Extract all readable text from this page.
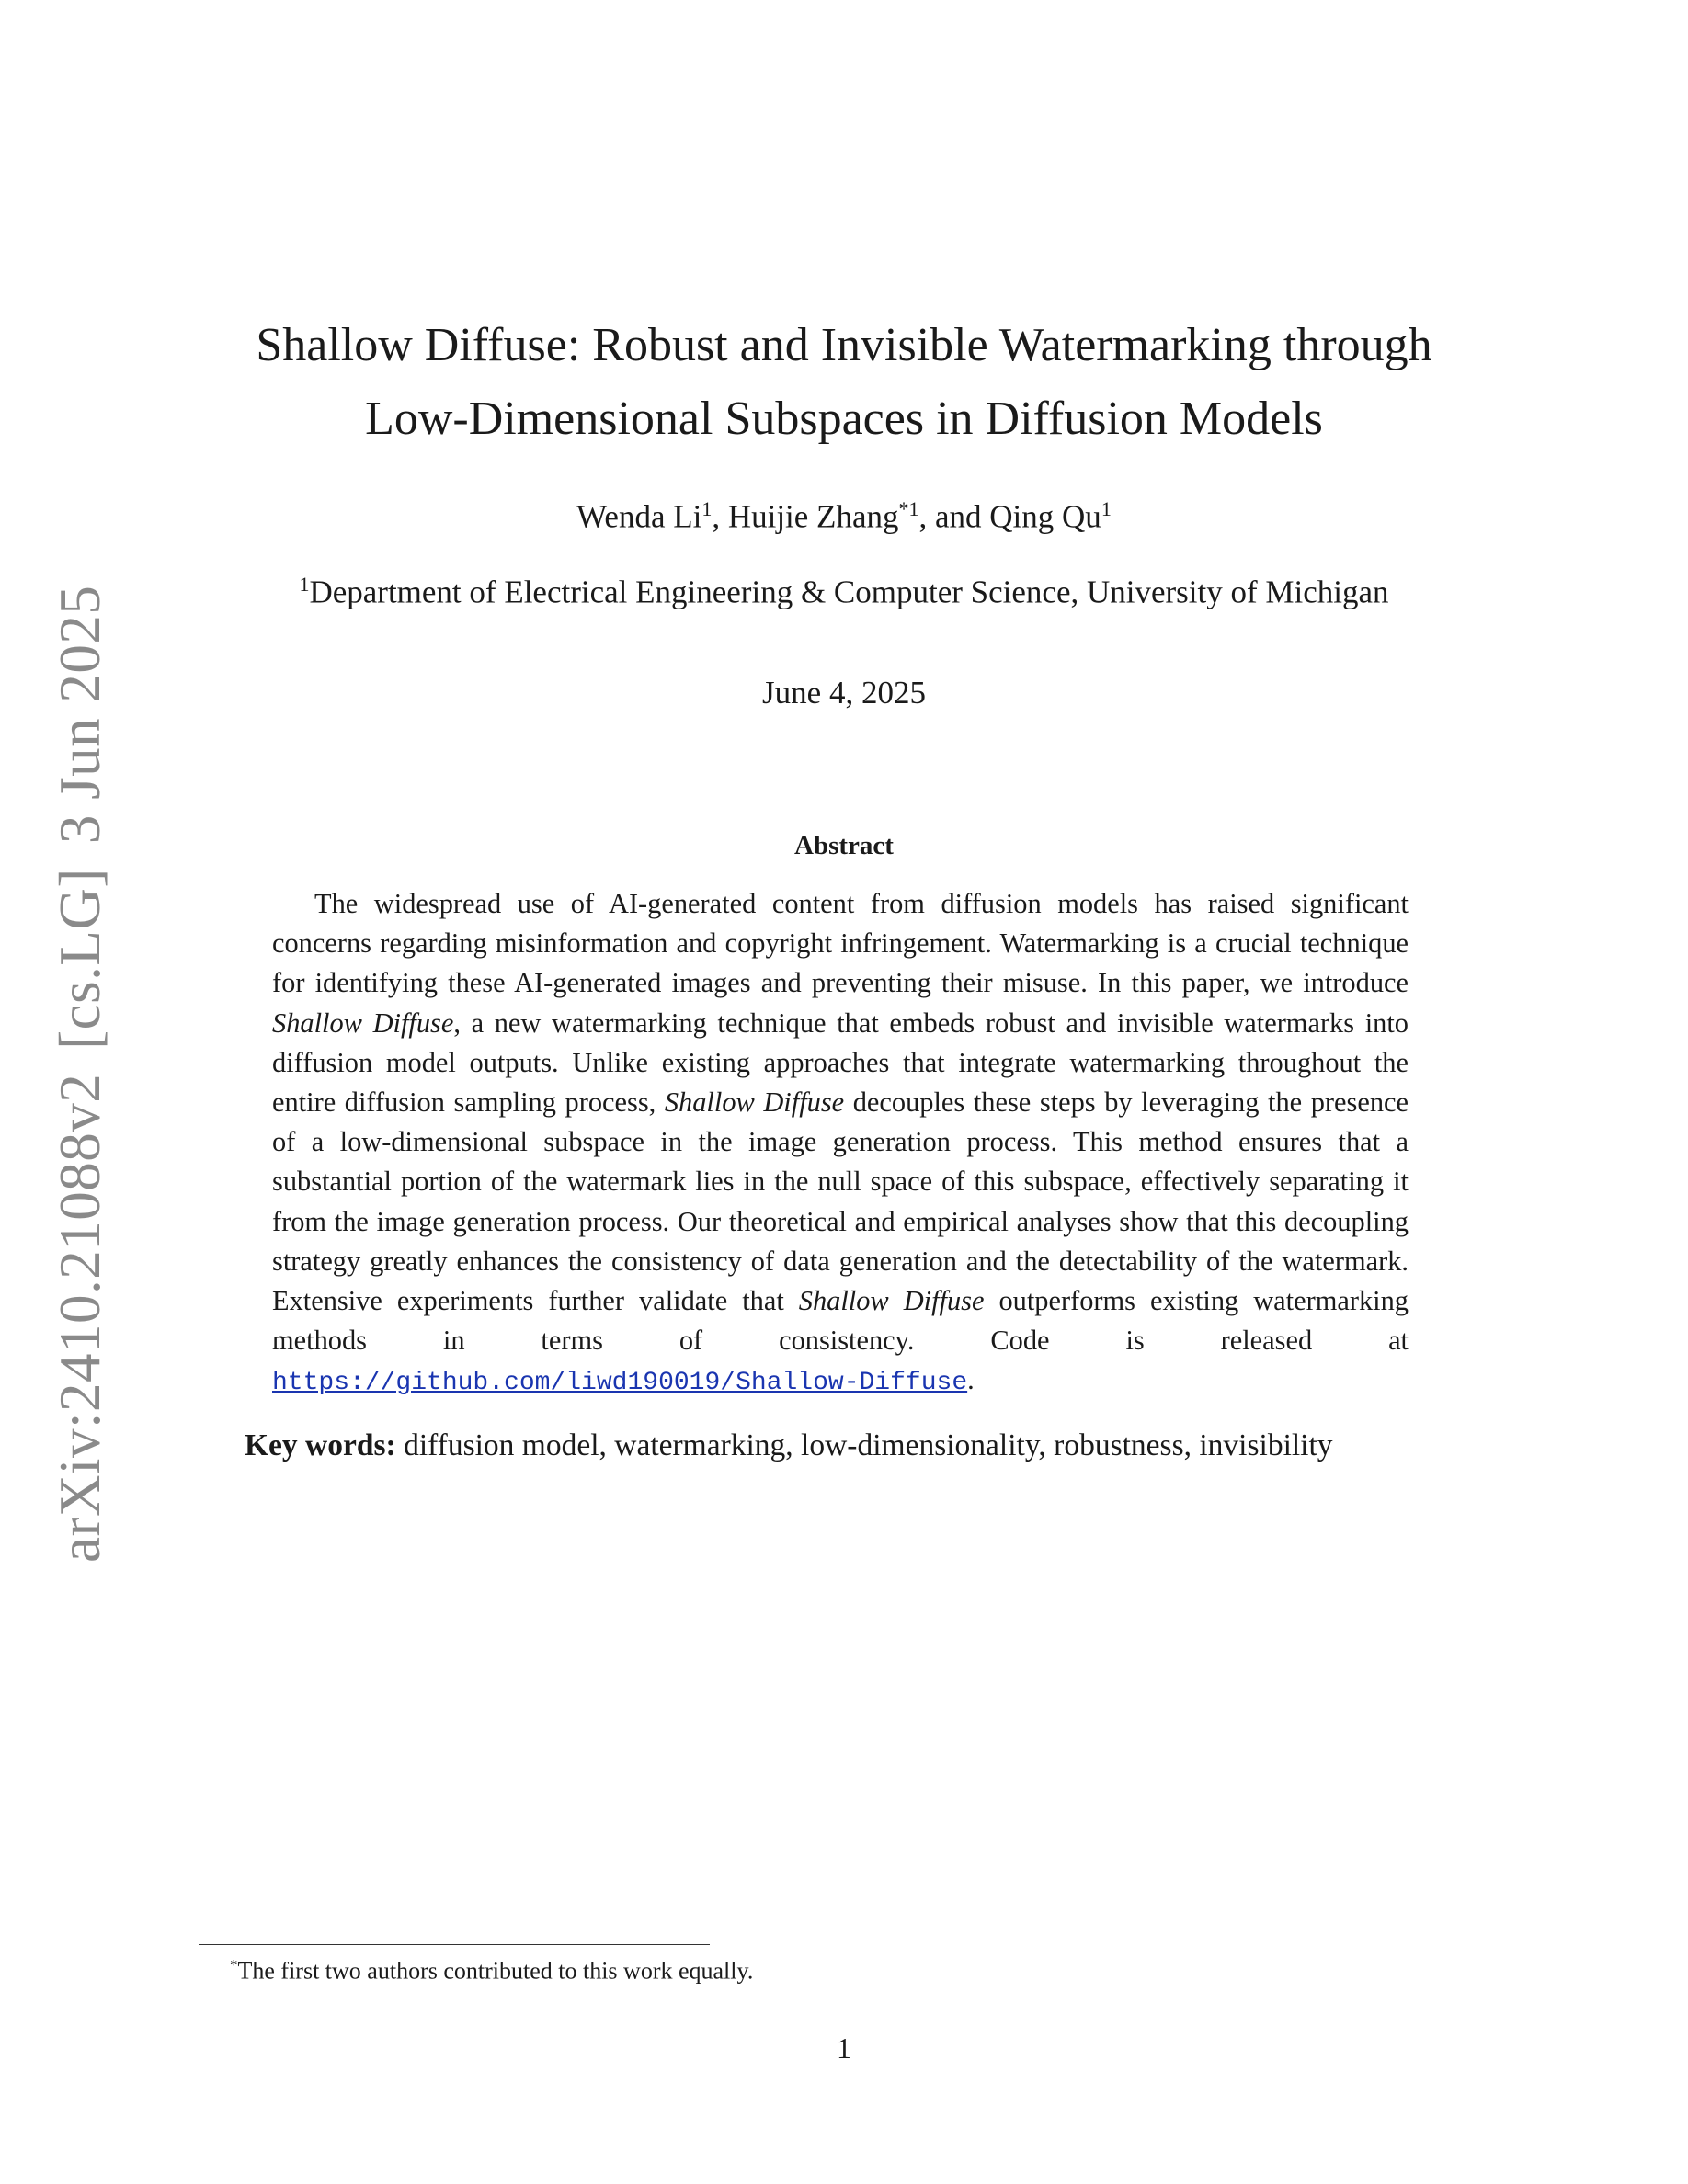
arXiv:2410.21088v2[cs.LG]3 Jun 2025
Shallow Diffuse: Robust and Invisible Watermarking through
Low-Dimensional Subspaces in Diffusion Models
Wenda Li$^1$, Huijie Zhang$^{*1}$, and Qing Qu$^1$
$^1$Department of Electrical Engineering & Computer Science, University of Michigan
June 4, 2025
Abstract

The widespread use of AI-generated content from diffusion models has raised significant concerns regarding misinformation and copyright infringement. Watermarking is a crucial technique for identifying these AI-generated images and preventing their misuse. In this paper, we introduce Shallow Diffuse, a new watermarking technique that embeds robust and invisible watermarks into diffusion model outputs. Unlike existing approaches that integrate watermarking throughout the entire diffusion sampling process, Shallow Diffuse decouples these steps by leveraging the presence of a low-dimensional subspace in the image generation process. This method ensures that a substantial portion of the watermark lies in the null space of this subspace, effectively separating it from the image generation process. Our theoretical and empirical analyses show that this decoupling strategy greatly enhances the consistency of data generation and the detectability of the watermark. Extensive experiments further validate that Shallow Diffuse outperforms existing watermarking methods in terms of consistency. Code is released at https://github.com/liwd190019/Shallow-Diffuse.

Key words: diffusion model, watermarking, low-dimensionality, robustness, invisibility
*The first two authors contributed to this work equally.
1
